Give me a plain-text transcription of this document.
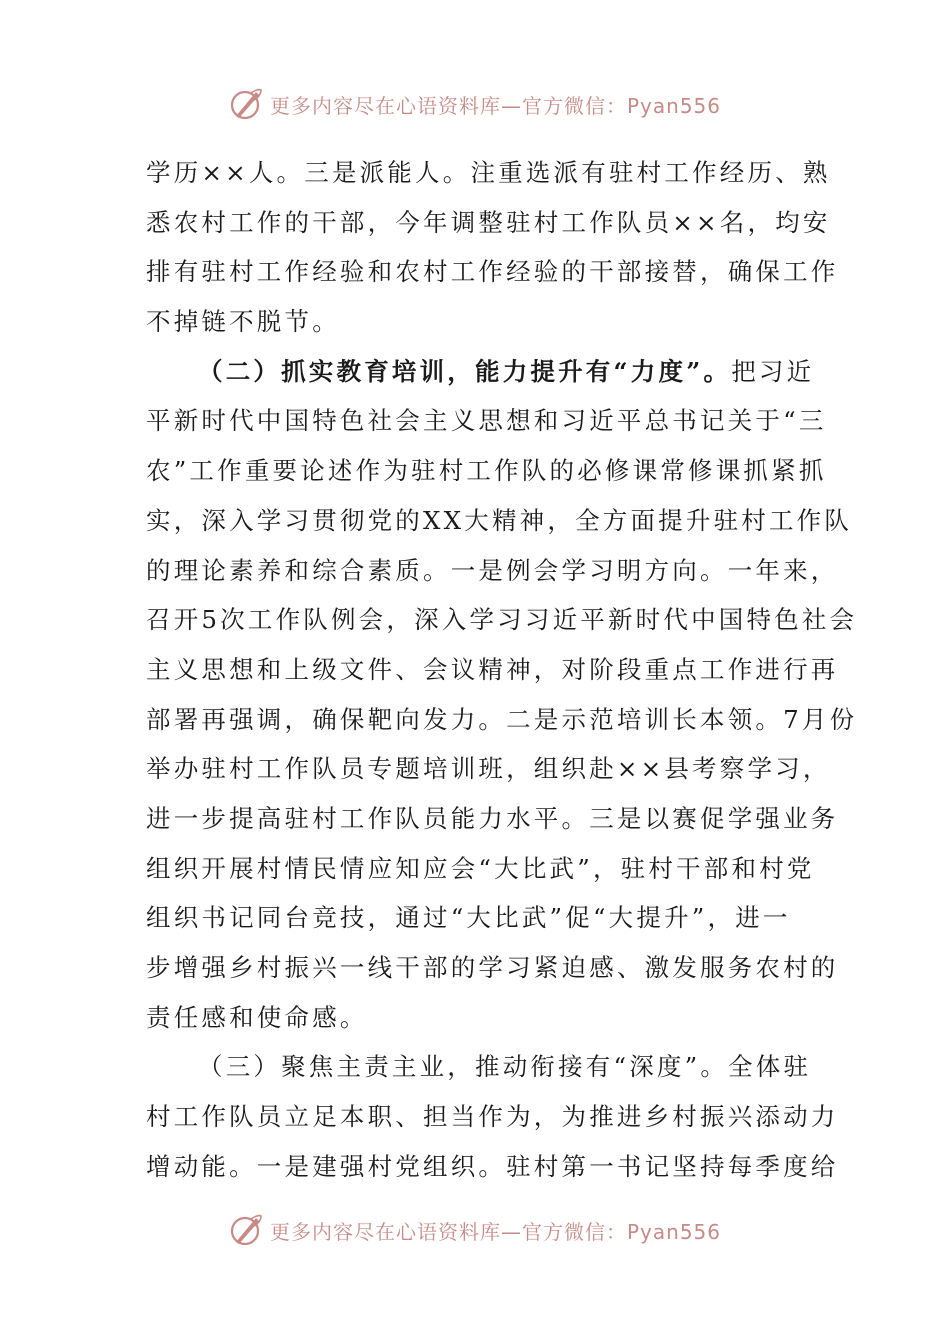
更多内容尽在心语资料库—官方微信：Pyan556
学历××人。三是派能人。注重选派有驻村工作经历、熟
悉农村工作的干部，今年调整驻村工作队员××名，均安
排有驻村工作经验和农村工作经验的干部接替，确保工作
不掉链不脱节。
（二）抓实教育培训，能力提升有“力度”。把习近
平新时代中国特色社会主义思想和习近平总书记关于“三
农”工作重要论述作为驻村工作队的必修课常修课抓紧抓
实，深入学习贯彻党的XX大精神，全方面提升驻村工作队
的理论素养和综合素质。一是例会学习明方向。一年来，
召开5次工作队例会，深入学习习近平新时代中国特色社会
主义思想和上级文件、会议精神，对阶段重点工作进行再
部署再强调，确保靶向发力。二是示范培训长本领。7月份
举办驻村工作队员专题培训班，组织赴××县考察学习，
进一步提高驻村工作队员能力水平。三是以赛促学强业务
组织开展村情民情应知应会“大比武”，驻村干部和村党
组织书记同台竞技，通过“大比武”促“大提升”，进一
步增强乡村振兴一线干部的学习紧迫感、激发服务农村的
责任感和使命感。
（三）聚焦主责主业，推动衔接有“深度”。全体驻
村工作队员立足本职、担当作为，为推进乡村振兴添动力
增动能。一是建强村党组织。驻村第一书记坚持每季度给
更多内容尽在心语资料库—官方微信：Pyan556
